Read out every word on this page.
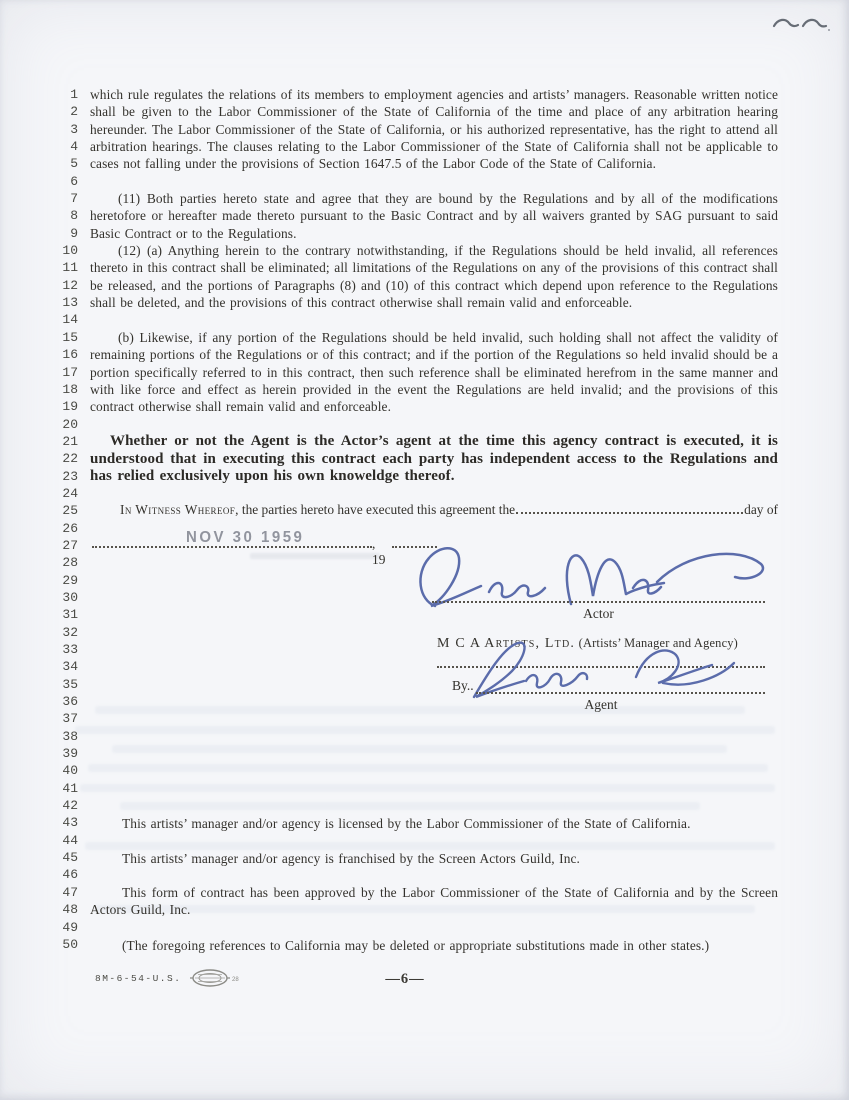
1
2
3
4
5
6
7
8
9
10
11
12
13
14
15
16
17
18
19
20
21
22
23
24
25
26
27
28
29
30
31
32
33
34
35
36
37
38
39
40
41
42
43
44
45
46
47
48
49
50
which rule regulates the relations of its members to employment agencies and artists’ managers. Reasonable written notice shall be given to the Labor Commissioner of the State of California of the time and place of any arbitration hearing hereunder. The Labor Commissioner of the State of California, or his authorized representative, has the right to attend all arbitration hearings. The clauses relating to the Labor Commissioner of the State of California shall not be applicable to cases not falling under the provisions of Section 1647.5 of the Labor Code of the State of California.
(11) Both parties hereto state and agree that they are bound by the Regulations and by all of the modifications heretofore or hereafter made thereto pursuant to the Basic Contract and by all waivers granted by SAG pursuant to said Basic Contract or to the Regulations.
(12) (a) Anything herein to the contrary notwithstanding, if the Regulations should be held invalid, all references thereto in this contract shall be eliminated; all limitations of the Regulations on any of the provisions of this contract shall be released, and the portions of Paragraphs (8) and (10) of this contract which depend upon reference to the Regulations shall be deleted, and the provisions of this contract otherwise shall remain valid and enforceable.
(b) Likewise, if any portion of the Regulations should be held invalid, such holding shall not affect the validity of remaining portions of the Regulations or of this contract; and if the portion of the Regulations so held invalid should be a portion specifically referred to in this contract, then such reference shall be eliminated herefrom in the same manner and with like force and effect as herein provided in the event the Regulations are held invalid; and the provisions of this contract otherwise shall remain valid and enforceable.
Whether or not the Agent is the Actor’s agent at the time this agency contract is executed, it is understood that in executing this contract each party has independent access to the Regulations and has relied exclusively upon his own knoweldge thereof.
In Witness Whereof , the parties hereto have executed this agreement the	day of
NOV 30 1959	, 19
Actor
M C A Artists, Ltd. (Artists’ Manager and Agency)
By..
Agent
This artists’ manager and/or agency is licensed by the Labor Commissioner of the State of California.
This artists’ manager and/or agency is franchised by the Screen Actors Guild, Inc.
This form of contract has been approved by the Labor Commissioner of the State of California and by the Screen Actors Guild, Inc.
(The foregoing references to California may be deleted or appropriate substitutions made in other states.)
8M-6-54-U.S.	28	—6—
